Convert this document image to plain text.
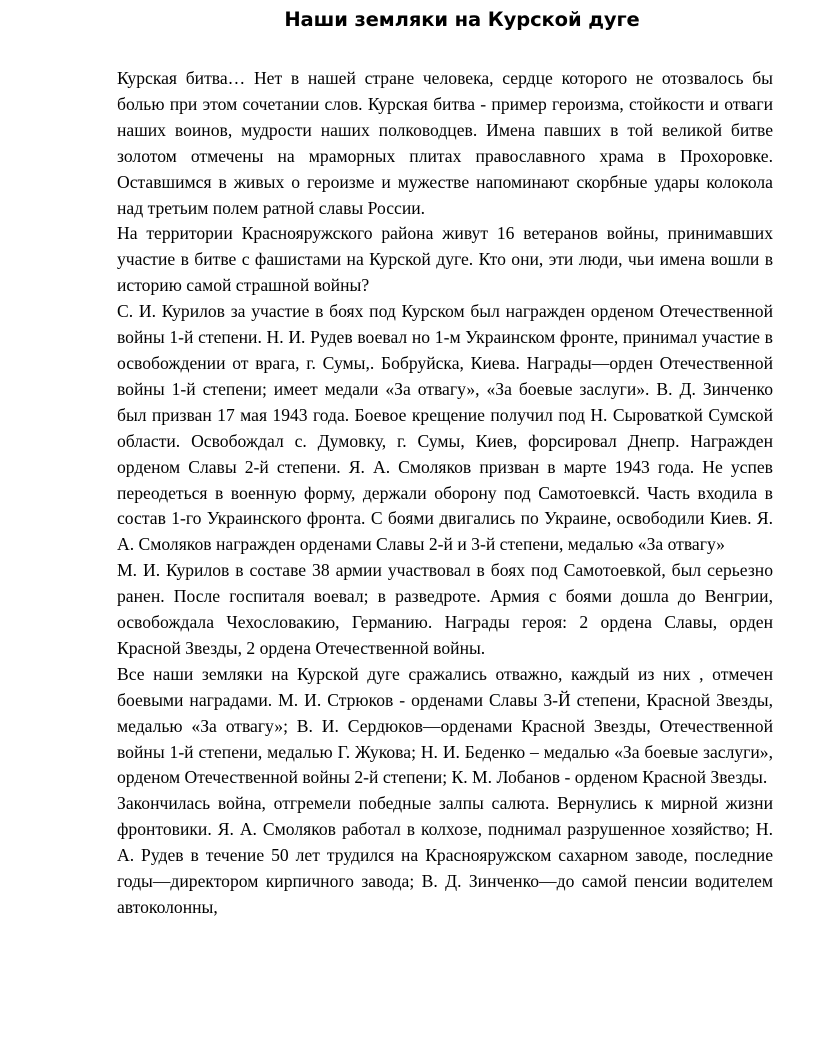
Наши земляки на Курской дуге

Курская битва… Нет в нашей стране человека, сердце которого не отозвалось бы болью при этом сочетании слов. Курская битва - пример героизма, стойкости и отваги наших воинов, мудрости наших полководцев. Имена павших в той великой битве золотом отмечены на мраморных плитах православного храма в Прохоровке. Оставшимся в живых о героизме и мужестве напоминают скорбные удары колокола над третьим полем ратной славы России.

На территории Краснояружского района живут 16 ветеранов войны, принимавших участие в битве с фашистами на Курской дуге. Кто они, эти люди, чьи имена вошли в историю самой страшной войны?

С. И. Курилов за участие в боях под Курском был награжден орденом Отечественной войны 1-й степени. Н. И. Рудев воевал но 1-м Украинском фронте, принимал участие в освобождении от врага, г. Сумы,. Бобруйска, Киева. Награды—орден Отечественной войны 1-й степени; имеет медали «За отвагу», «За боевые заслуги». В. Д. Зинченко был призван 17 мая 1943 года. Боевое крещение получил под Н. Сыроваткой Сумской области. Освобождал с. Думовку, г. Сумы, Киев, форсировал Днепр. Награжден орденом Славы 2-й степени. Я. А. Смоляков призван в марте 1943 года. Не успев переодеться в военную форму, держали оборону под Самотоевксй. Часть входила в состав 1-го Украинского фронта. С боями двигались по Украине, освободили Киев. Я. А. Смоляков награжден орденами Славы 2-й и 3-й степени, медалью «За отвагу»

М. И. Курилов в составе 38 армии участвовал в боях под Самотоевкой, был серьезно ранен. После госпиталя воевал; в разведроте. Армия с боями дошла до Венгрии, освобождала Чехословакию, Германию. Награды героя: 2 ордена Славы, орден Красной Звезды, 2 ордена Отечественной войны.

Все наши земляки на Курской дуге сражались отважно, каждый из них , отмечен боевыми наградами. М. И. Стрюков - орденами Славы 3-Й степени, Красной Звезды, медалью «За отвагу»; В. И. Сердюков—орденами Красной Звезды, Отечественной войны 1-й степени, медалью Г. Жукова; Н. И. Беденко – медалью «За боевые заслуги», орденом Отечественной войны 2-й степени; К. М. Лобанов - орденом Красной Звезды.

Закончилась война, отгремели победные залпы салюта. Вернулись к мирной жизни фронтовики. Я. А. Смоляков работал в колхозе, поднимал разрушенное хозяйство; Н. А. Рудев в течение 50 лет трудился на Краснояружском сахарном заводе, последние годы—директором кирпичного завода; В. Д. Зинченко—до самой пенсии водителем автоколонны,
